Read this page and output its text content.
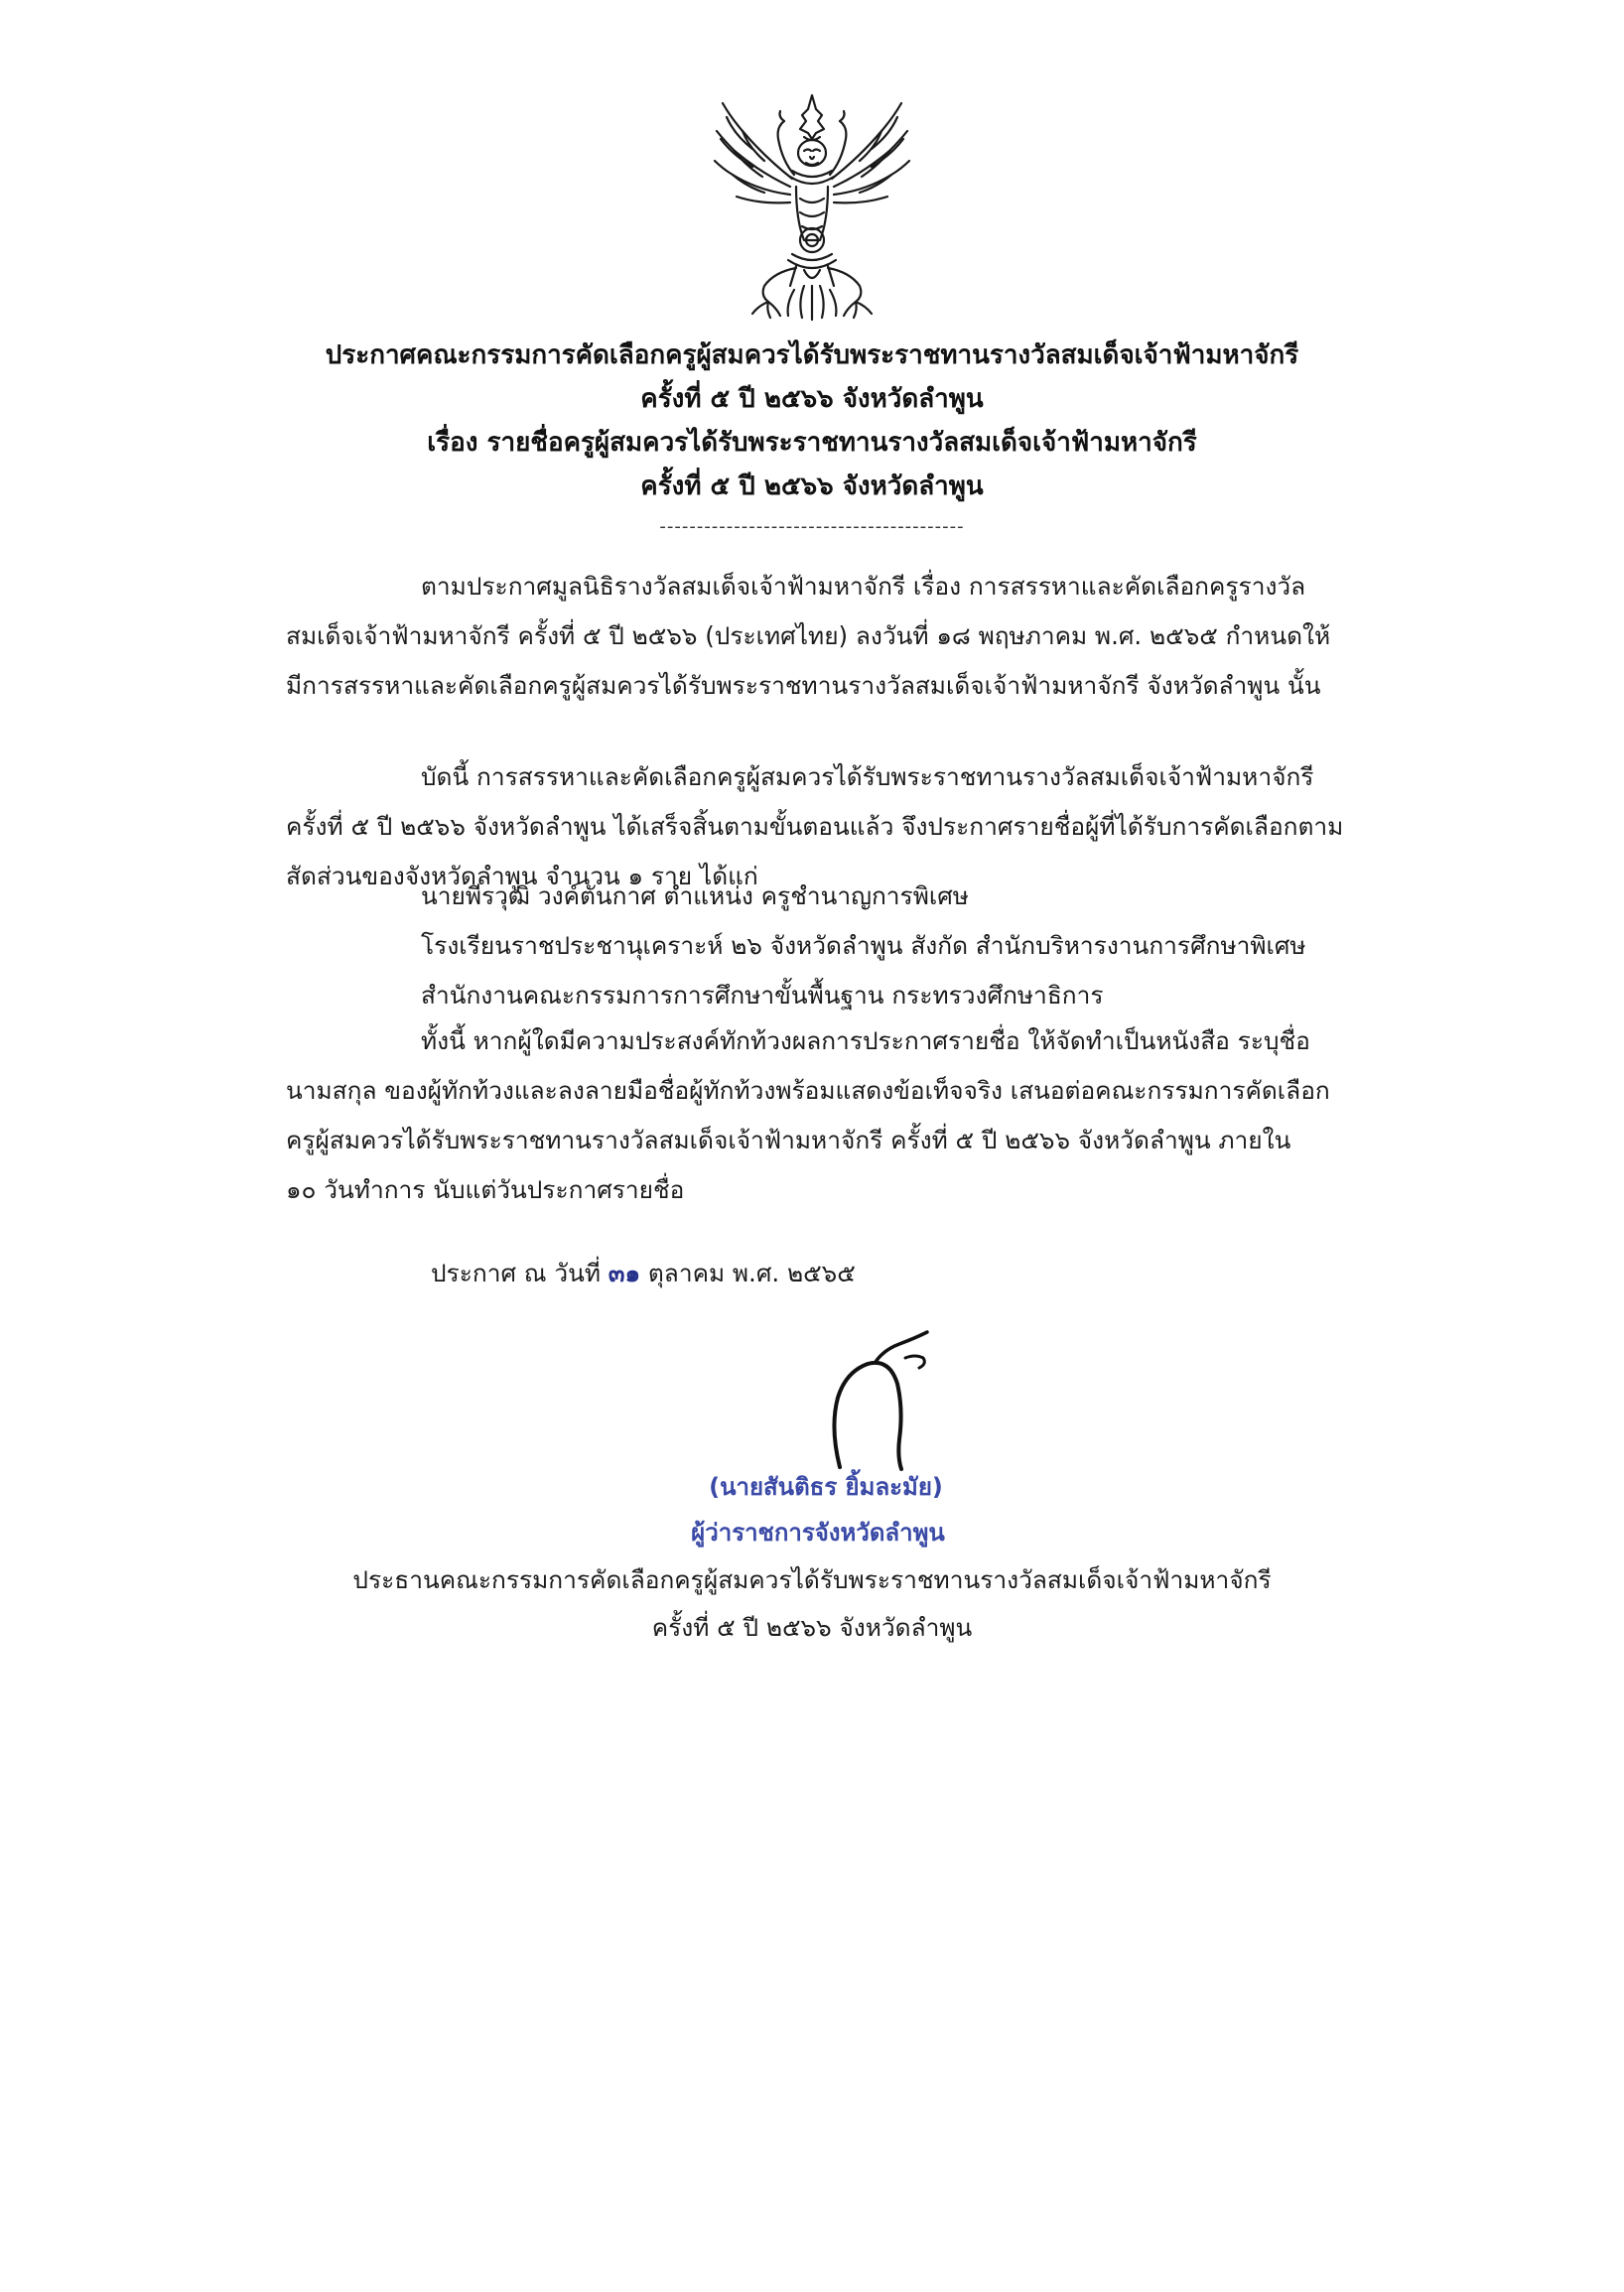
ประกาศคณะกรรมการคัดเลือกครูผู้สมควรได้รับพระราชทานรางวัลสมเด็จเจ้าฟ้ามหาจักรี
ครั้งที่ ๕ ปี ๒๕๖๖ จังหวัดลำพูน
เรื่อง รายชื่อครูผู้สมควรได้รับพระราชทานรางวัลสมเด็จเจ้าฟ้ามหาจักรี
ครั้งที่ ๕ ปี ๒๕๖๖ จังหวัดลำพูน
-----------------------------------------
ตามประกาศมูลนิธิรางวัลสมเด็จเจ้าฟ้ามหาจักรี เรื่อง การสรรหาและคัดเลือกครูรางวัล
สมเด็จเจ้าฟ้ามหาจักรี ครั้งที่ ๕ ปี ๒๕๖๖ (ประเทศไทย) ลงวันที่ ๑๘ พฤษภาคม พ.ศ. ๒๕๖๕ กำหนดให้
มีการสรรหาและคัดเลือกครูผู้สมควรได้รับพระราชทานรางวัลสมเด็จเจ้าฟ้ามหาจักรี จังหวัดลำพูน นั้น
บัดนี้ การสรรหาและคัดเลือกครูผู้สมควรได้รับพระราชทานรางวัลสมเด็จเจ้าฟ้ามหาจักรี
ครั้งที่ ๕ ปี ๒๕๖๖ จังหวัดลำพูน ได้เสร็จสิ้นตามขั้นตอนแล้ว จึงประกาศรายชื่อผู้ที่ได้รับการคัดเลือกตาม
สัดส่วนของจังหวัดลำพูน จำนวน ๑ ราย ได้แก่
นายพีรวุฒิ วงค์ตันกาศ ตำแหน่ง ครูชำนาญการพิเศษ
โรงเรียนราชประชานุเคราะห์ ๒๖ จังหวัดลำพูน สังกัด สำนักบริหารงานการศึกษาพิเศษ
สำนักงานคณะกรรมการการศึกษาขั้นพื้นฐาน กระทรวงศึกษาธิการ
ทั้งนี้ หากผู้ใดมีความประสงค์ทักท้วงผลการประกาศรายชื่อ ให้จัดทำเป็นหนังสือ ระบุชื่อ
นามสกุล ของผู้ทักท้วงและลงลายมือชื่อผู้ทักท้วงพร้อมแสดงข้อเท็จจริง เสนอต่อคณะกรรมการคัดเลือก
ครูผู้สมควรได้รับพระราชทานรางวัลสมเด็จเจ้าฟ้ามหาจักรี ครั้งที่ ๕ ปี ๒๕๖๖ จังหวัดลำพูน ภายใน
๑๐ วันทำการ นับแต่วันประกาศรายชื่อ
ประกาศ ณ วันที่ ๓๑ ตุลาคม พ.ศ. ๒๕๖๕
(นายสันติธร ยิ้มละมัย)
ผู้ว่าราชการจังหวัดลำพูน
ประธานคณะกรรมการคัดเลือกครูผู้สมควรได้รับพระราชทานรางวัลสมเด็จเจ้าฟ้ามหาจักรี
ครั้งที่ ๕ ปี ๒๕๖๖ จังหวัดลำพูน
